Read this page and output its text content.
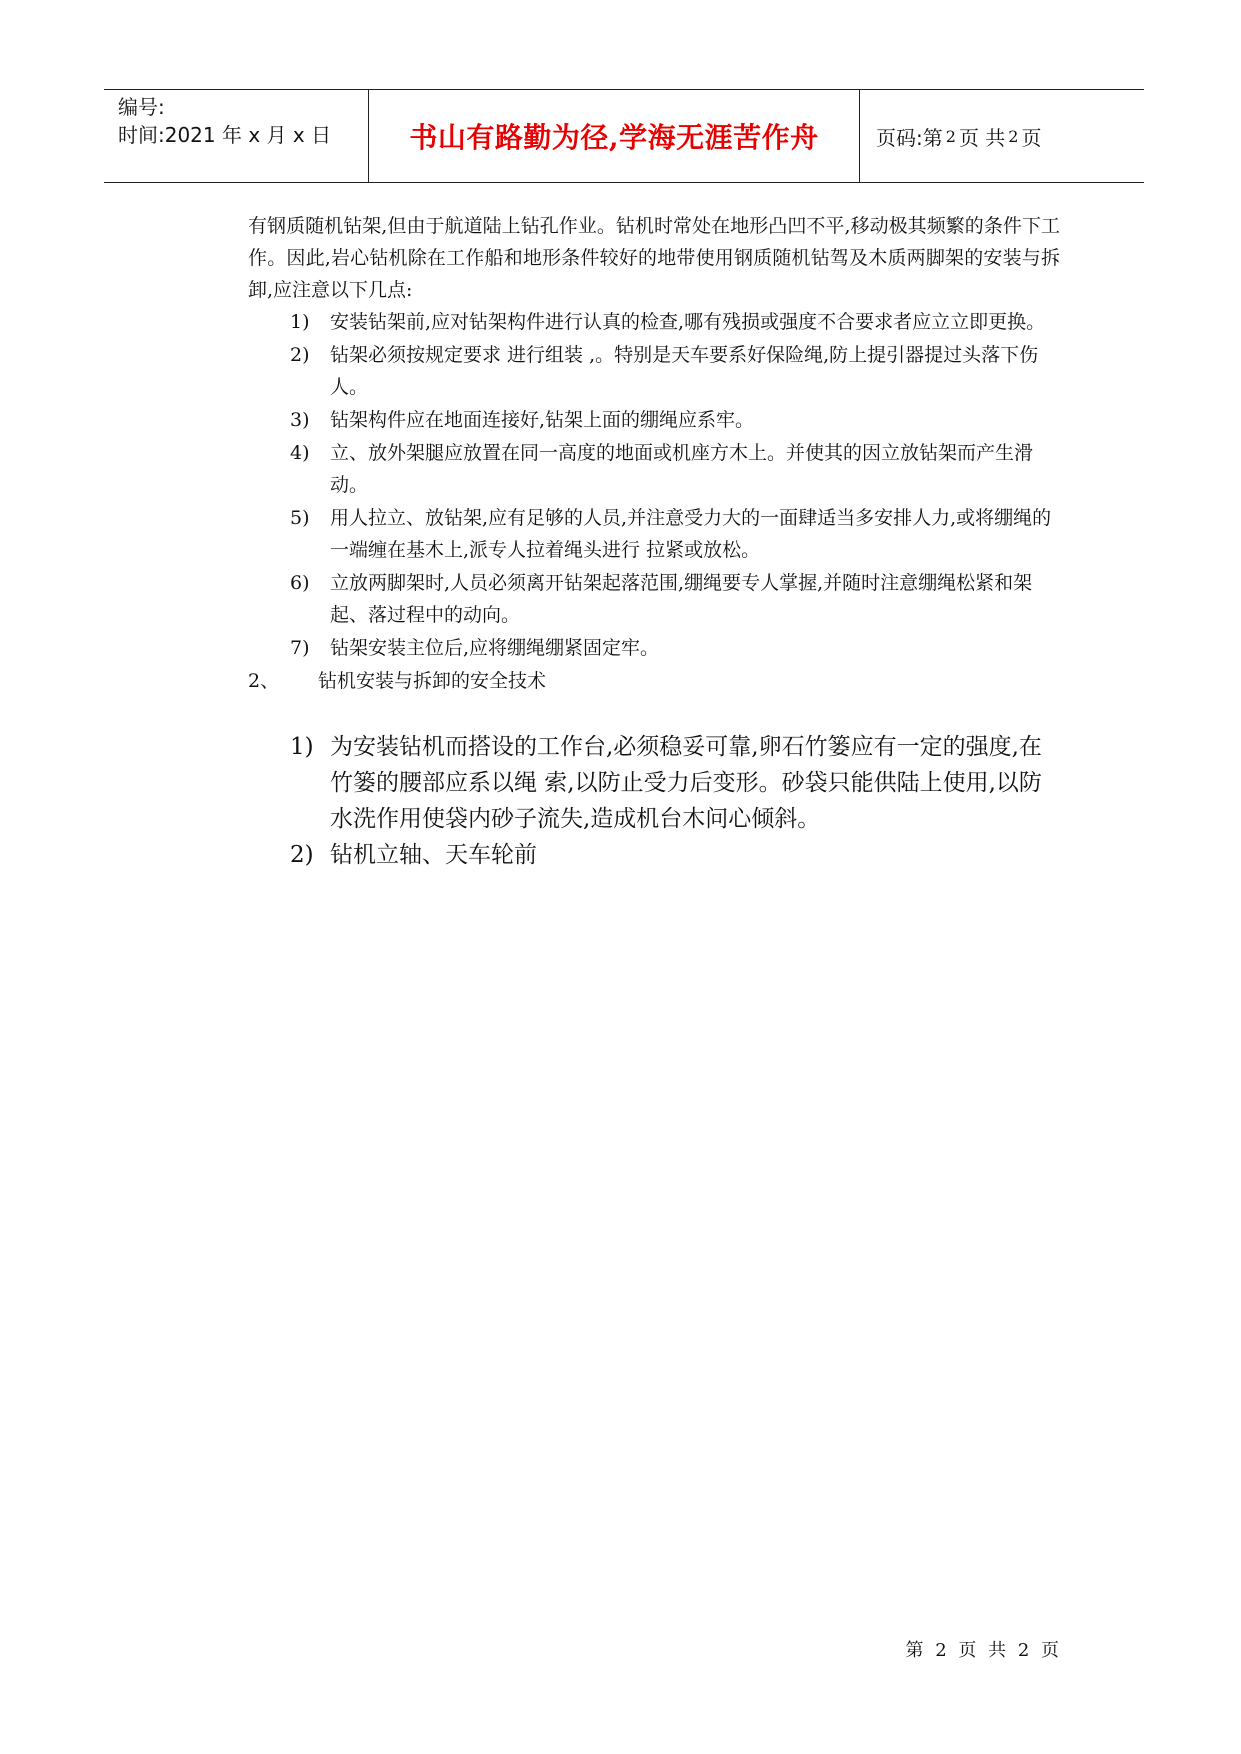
编号:
时间:2021 年 x 月 x 日	书山有路勤为径,学海无涯苦作舟	页码:第 2 页 共 2 页

有钢质随机钻架,但由于航道陆上钻孔作业。钻机时常处在地形凸凹不平,移动极其频繁的条件下工作。因此,岩心钻机除在工作船和地形条件较好的地带使用钢质随机钻驾及木质两脚架的安装与拆卸,应注意以下几点:

1)	安装钻架前,应对钻架构件进行认真的检查,哪有残损或强度不合要求者应立立即更换。
2)	钻架必须按规定要求 进行组装 ,。特别是天车要系好保险绳,防上提引器提过头落下伤人。
3)	钻架构件应在地面连接好,钻架上面的绷绳应系牢。
4)	立、放外架腿应放置在同一高度的地面或机座方木上。并使其的因立放钻架而产生滑动。
5)	用人拉立、放钻架,应有足够的人员,并注意受力大的一面肆适当多安排人力,或将绷绳的一端缠在基木上,派专人拉着绳头进行 拉紧或放松。
6)	立放两脚架时,人员必须离开钻架起落范围,绷绳要专人掌握,并随时注意绷绳松紧和架起、落过程中的动向。
7)	钻架安装主位后,应将绷绳绷紧固定牢。
2、	钻机安装与拆卸的安全技术
1) 为安装钻机而搭设的工作台,必须稳妥可靠,卵石竹篓应有一定的强度,在竹篓的腰部应系以绳 索,以防止受力后变形。砂袋只能供陆上使用,以防水洗作用使袋内砂子流失,造成机台木问心倾斜。
2) 钻机立轴、天车轮前
第 2 页 共 2 页
